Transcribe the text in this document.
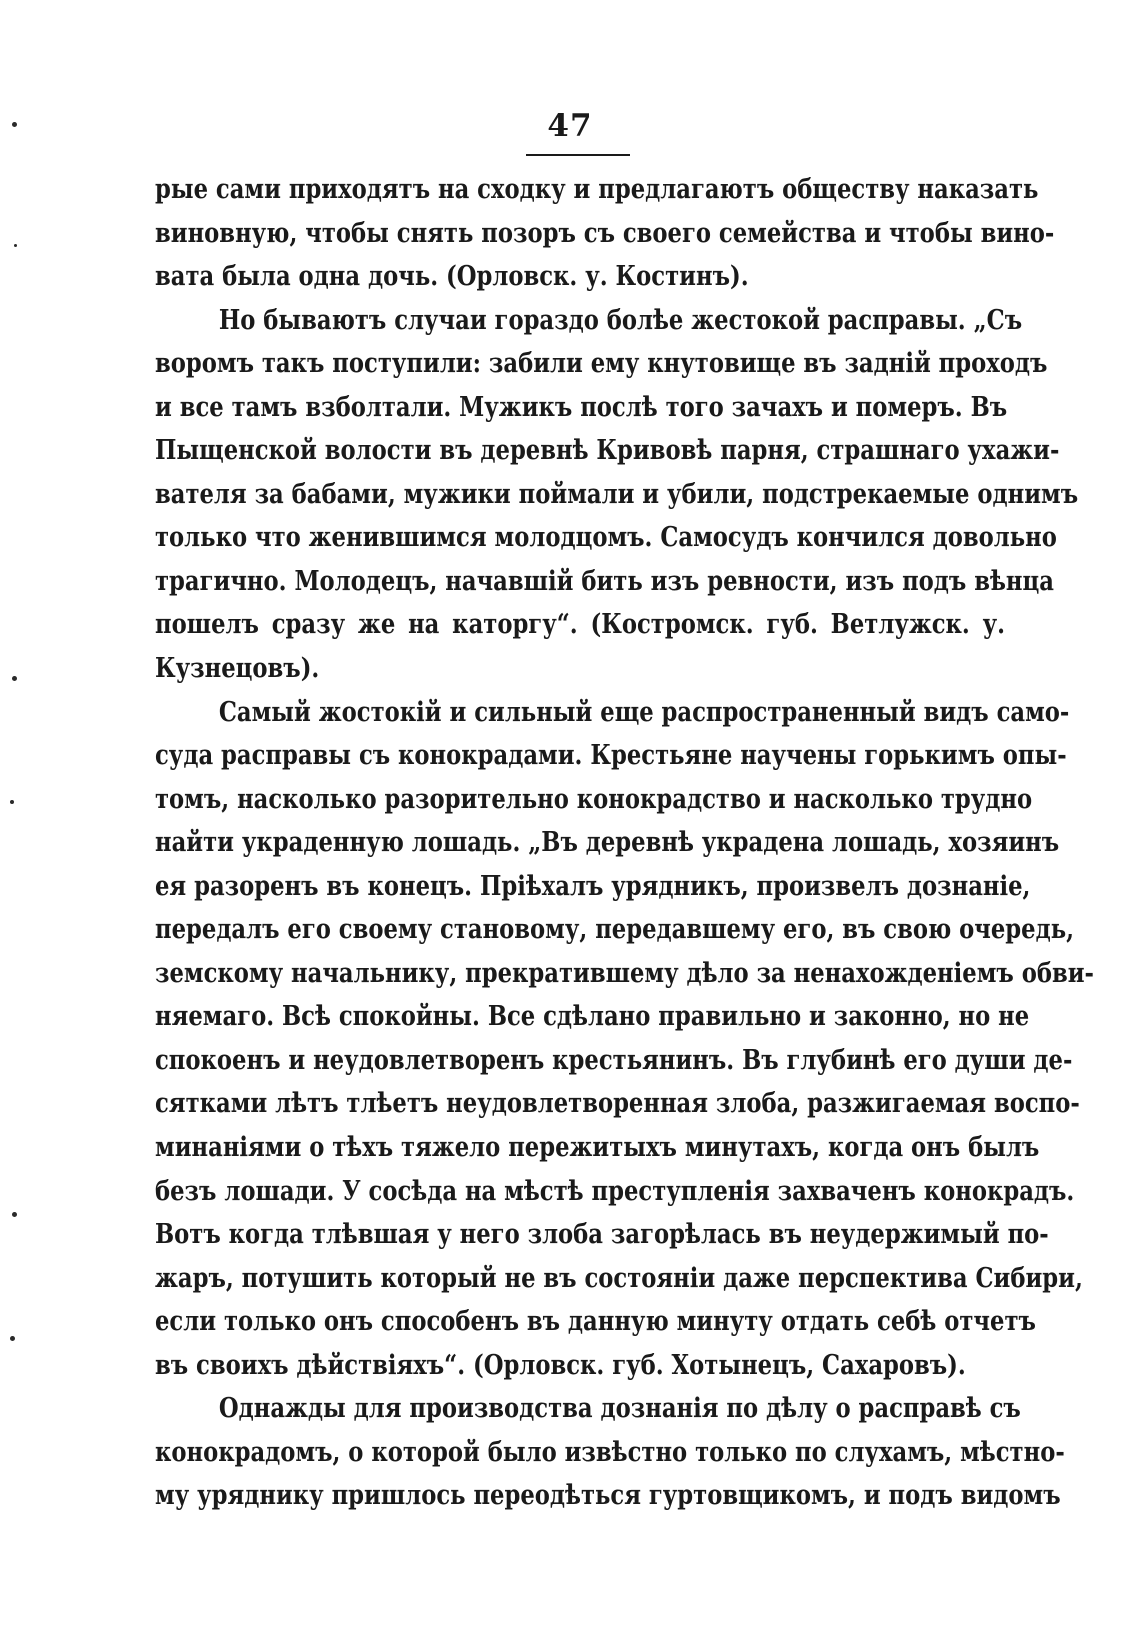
47
рые сами приходятъ на сходку и предлагаютъ обществу наказать
виновную, чтобы снять позоръ съ своего семейства и чтобы вино-
вата была одна дочь. (Орловск. у. Костинъ).
Но бываютъ случаи гораздо болѣе жестокой расправы. „Съ
воромъ такъ поступили: забили ему кнутовище въ заднiй проходъ
и все тамъ взболтали. Мужикъ послѣ того зачахъ и померъ. Въ
Пыщенской волости въ деревнѣ Кривовѣ парня, страшнаго ухажи-
вателя за бабами, мужики поймали и убили, подстрекаемые однимъ
только что женившимся молодцомъ. Самосудъ кончился довольно
трагично. Молодецъ, начавшiй бить изъ ревности, изъ подъ вѣнца
пошелъ сразу же на каторгу“. (Костромск. губ. Ветлужск. у.
Кузнецовъ).
Самый жостокiй и сильный еще распространенный видъ само-
суда расправы съ конокрадами. Крестьяне научены горькимъ опы-
томъ, насколько разорительно конокрадство и насколько трудно
найти украденную лошадь. „Въ деревнѣ украдена лошадь, хозяинъ
ея разоренъ въ конецъ. Прiѣхалъ урядникъ, произвелъ дознанiе,
передалъ его своему становому, передавшему его, въ свою очередь,
земскому начальнику, прекратившему дѣло за ненахожденiемъ обви-
няемаго. Всѣ спокойны. Все сдѣлано правильно и законно, но не
спокоенъ и неудовлетворенъ крестьянинъ. Въ глубинѣ его души де-
сятками лѣтъ тлѣетъ неудовлетворенная злоба, разжигаемая воспо-
минанiями о тѣхъ тяжело пережитыхъ минутахъ, когда онъ былъ
безъ лошади. У сосѣда на мѣстѣ преступленiя захваченъ конокрадъ.
Вотъ когда тлѣвшая у него злоба загорѣлась въ неудержимый по-
жаръ, потушить который не въ состоянiи даже перспектива Сибири,
если только онъ способенъ въ данную минуту отдать себѣ отчетъ
въ своихъ дѣйствiяхъ“. (Орловск. губ. Хотынецъ, Сахаровъ).
Однажды для производства дознанiя по дѣлу о расправѣ съ
конокрадомъ, о которой было извѣстно только по слухамъ, мѣстно-
му уряднику пришлось переодѣться гуртовщикомъ, и подъ видомъ
